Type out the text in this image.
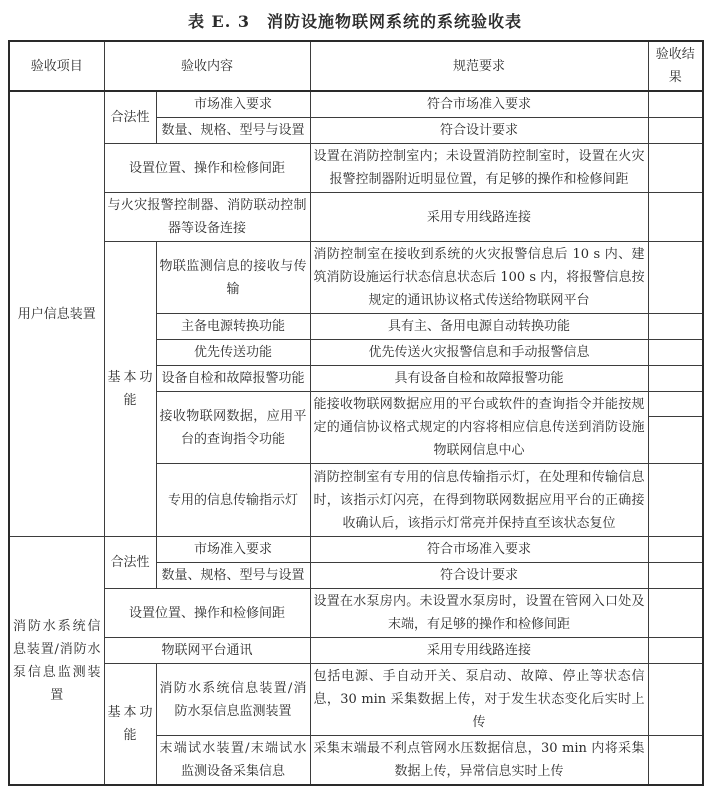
表 E. 3　消防设施物联网系统的系统验收表
验收项目	验收内容		规范要求	验收结果
用户信息装置	合法性	市场准入要求	符合市场准入要求	
		数量、规格、型号与设置	符合设计要求	
	设置位置、操作和检修间距		设置在消防控制室内；未设置消防控制室时，设置在火灾报警控制器附近明显位置，有足够的操作和检修间距	
	与火灾报警控制器、消防联动控制器等设备连接		采用专用线路连接	
	基本功能	物联监测信息的接收与传输	消防控制室在接收到系统的火灾报警信息后 10 s 内、建筑消防设施运行状态信息状态后 100 s 内，将报警信息按规定的通讯协议格式传送给物联网平台	
		主备电源转换功能	具有主、备用电源自动转换功能	
		优先传送功能	优先传送火灾报警信息和手动报警信息	
		设备自检和故障报警功能	具有设备自检和故障报警功能	
		接收物联网数据，应用平台的查询指令功能	能接收物联网数据应用的平台或软件的查询指令并能按规定的通信协议格式规定的内容将相应信息传送到消防设施物联网信息中心	

		专用的信息传输指示灯	消防控制室有专用的信息传输指示灯，在处理和传输信息时，该指示灯闪亮，在得到物联网数据应用平台的正确接收确认后，该指示灯常亮并保持直至该状态复位	
消防水系统信息装置/消防水泵信息监测装置	合法性	市场准入要求	符合市场准入要求	
		数量、规格、型号与设置	符合设计要求	
	设置位置、操作和检修间距		设置在水泵房内。未设置水泵房时，设置在管网入口处及末端，有足够的操作和检修间距	
	物联网平台通讯		采用专用线路连接	
	基本功能	消防水系统信息装置/消防水泵信息监测装置	包括电源、手自动开关、泵启动、故障、停止等状态信息，30 min 采集数据上传，对于发生状态变化后实时上传	
		末端试水装置/末端试水监测设备采集信息	采集末端最不利点管网水压数据信息，30 min 内将采集数据上传，异常信息实时上传	
